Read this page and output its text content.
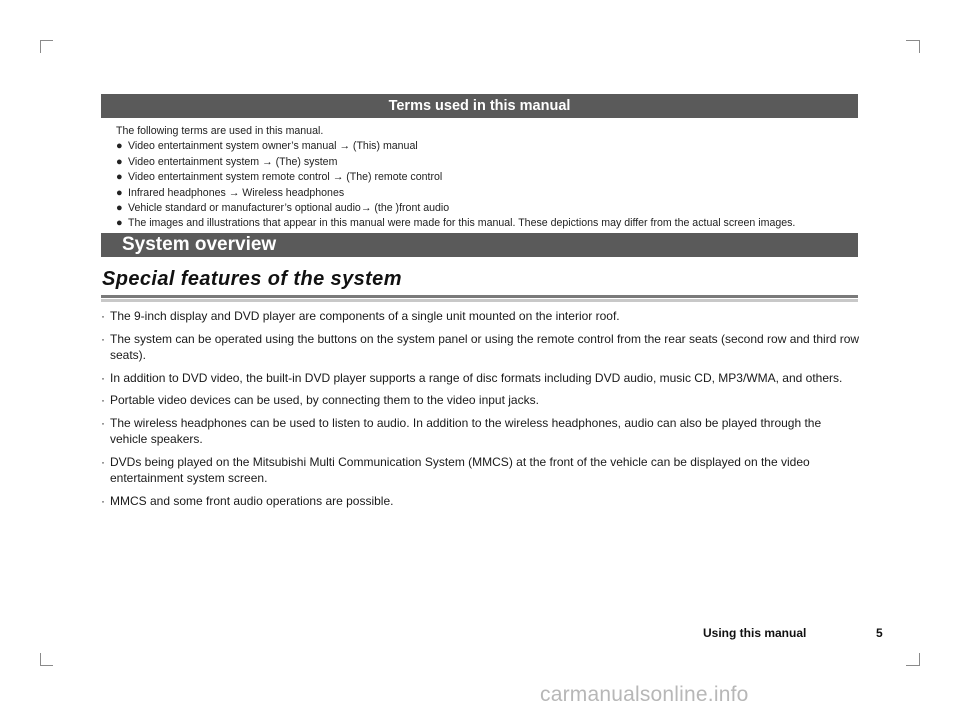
Terms used in this manual
The following terms are used in this manual.
● Video entertainment system owner’s manual → (This) manual
● Video entertainment system → (The) system
● Video entertainment system remote control → (The) remote control
● Infrared headphones → Wireless headphones
● Vehicle standard or manufacturer’s optional audio→ (the )front audio
● The images and illustrations that appear in this manual were made for this manual. These depictions may differ from the actual screen images.
System overview
Special features of the system
· The 9-inch display and DVD player are components of a single unit mounted on the interior roof.
· The system can be operated using the buttons on the system panel or using the remote control from the rear seats (second row and third row seats).
· In addition to DVD video, the built-in DVD player supports a range of disc formats including DVD audio, music CD, MP3/WMA, and others.
· Portable video devices can be used, by connecting them to the video input jacks.
· The wireless headphones can be used to listen to audio. In addition to the wireless headphones, audio can also be played through the vehicle speakers.
· DVDs being played on the Mitsubishi Multi Communication System (MMCS) at the front of the vehicle can be displayed on the video entertainment system screen.
· MMCS and some front audio operations are possible.
Using this manual	5
carmanualsonline.info
